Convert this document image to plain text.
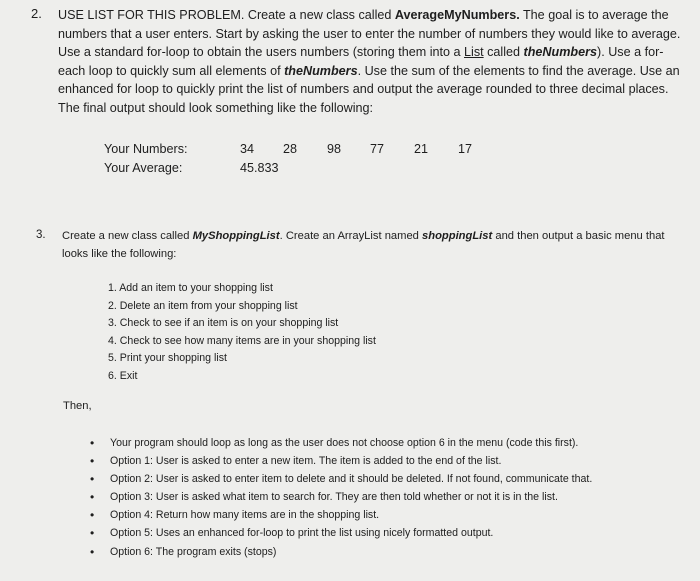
2. USE LIST FOR THIS PROBLEM. Create a new class called AverageMyNumbers. The goal is to average the numbers that a user enters. Start by asking the user to enter the number of numbers they would like to average. Use a standard for-loop to obtain the users numbers (storing them into a List called theNumbers). Use a for-each loop to quickly sum all elements of theNumbers. Use the sum of the elements to find the average. Use an enhanced for loop to quickly print the list of numbers and output the average rounded to three decimal places. The final output should look something like the following:
Your Numbers:	34 28 98 77 21 17
Your Average:	45.833
3. Create a new class called MyShoppingList. Create an ArrayList named shoppingList and then output a basic menu that looks like the following:
1. Add an item to your shopping list
2. Delete an item from your shopping list
3. Check to see if an item is on your shopping list
4. Check to see how many items are in your shopping list
5. Print your shopping list
6. Exit
Then,
• Your program should loop as long as the user does not choose option 6 in the menu (code this first).
• Option 1: User is asked to enter a new item. The item is added to the end of the list.
• Option 2: User is asked to enter item to delete and it should be deleted. If not found, communicate that.
• Option 3: User is asked what item to search for. They are then told whether or not it is in the list.
• Option 4: Return how many items are in the shopping list.
• Option 5: Uses an enhanced for-loop to print the list using nicely formatted output.
• Option 6: The program exits (stops)
